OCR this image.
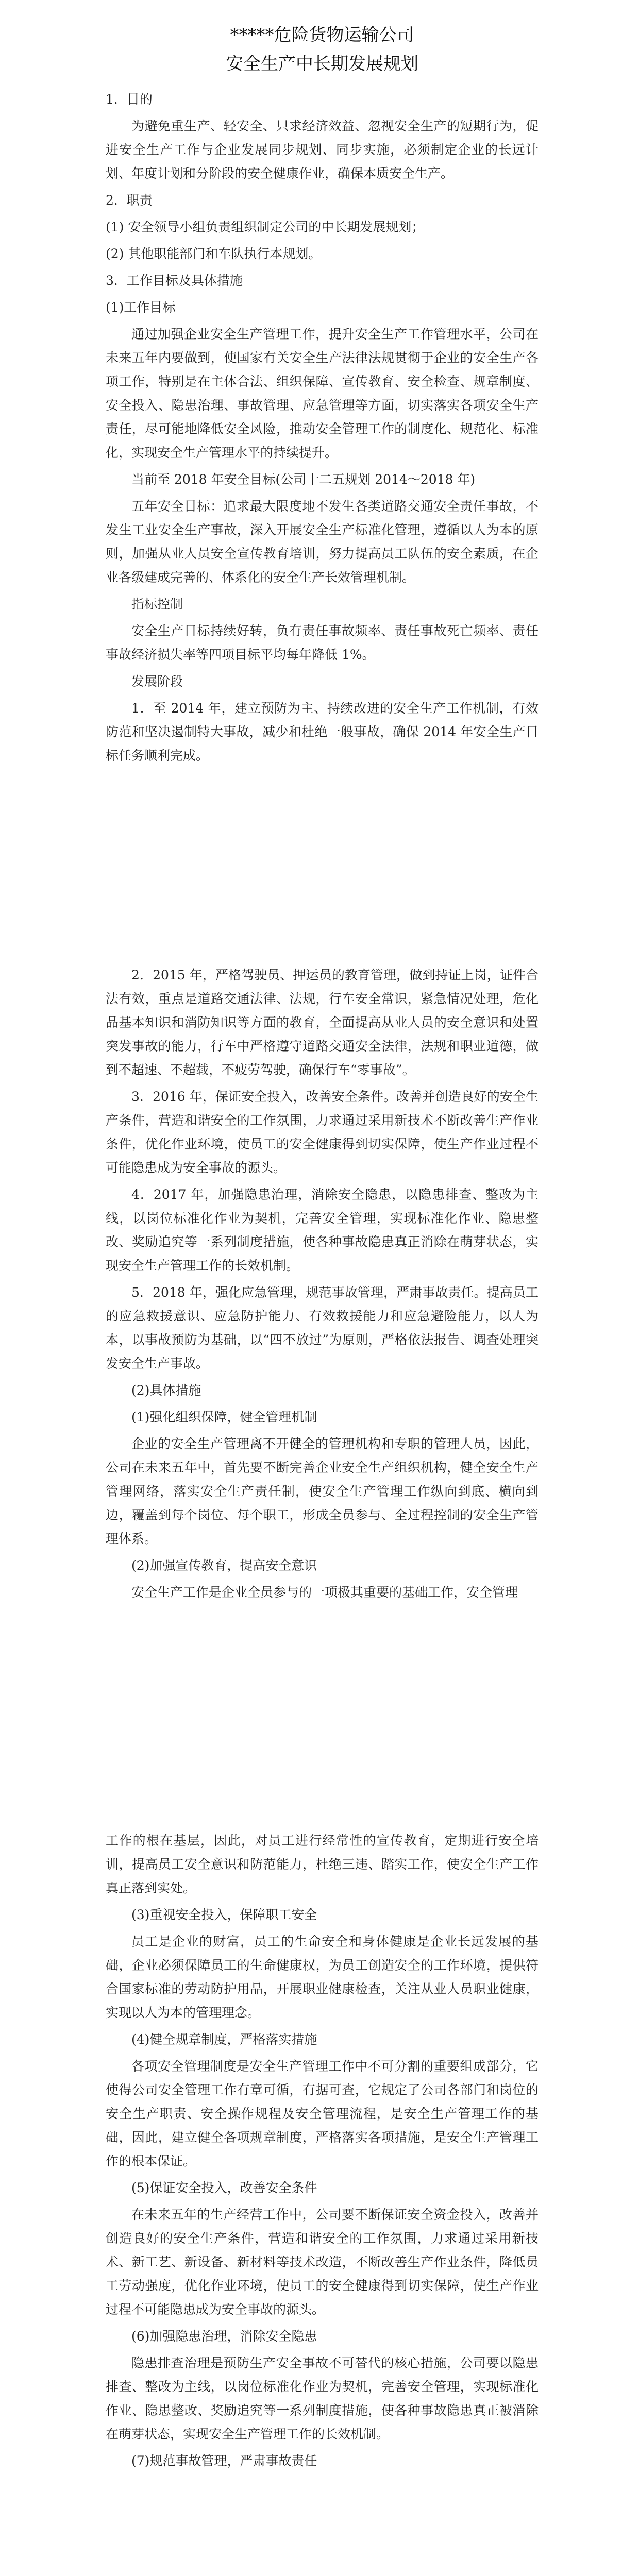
*****危险货物运输公司
安全生产中长期发展规划

1．目的

为避免重生产、轻安全、只求经济效益、忽视安全生产的短期行为，促进安全生产工作与企业发展同步规划、同步实施，必须制定企业的长远计划、年度计划和分阶段的安全健康作业，确保本质安全生产。

2．职责

(1) 安全领导小组负责组织制定公司的中长期发展规划；

(2) 其他职能部门和车队执行本规划。

3．工作目标及具体措施

(1)工作目标

通过加强企业安全生产管理工作，提升安全生产工作管理水平，公司在未来五年内要做到，使国家有关安全生产法律法规贯彻于企业的安全生产各项工作，特别是在主体合法、组织保障、宣传教育、安全检查、规章制度、安全投入、隐患治理、事故管理、应急管理等方面，切实落实各项安全生产责任，尽可能地降低安全风险，推动安全管理工作的制度化、规范化、标准化，实现安全生产管理水平的持续提升。

当前至 2018 年安全目标(公司十二五规划 2014～2018 年)

五年安全目标：追求最大限度地不发生各类道路交通安全责任事故，不发生工业安全生产事故，深入开展安全生产标准化管理，遵循以人为本的原则，加强从业人员安全宣传教育培训，努力提高员工队伍的安全素质，在企业各级建成完善的、体系化的安全生产长效管理机制。

指标控制

安全生产目标持续好转，负有责任事故频率、责任事故死亡频率、责任事故经济损失率等四项目标平均每年降低 1%。

发展阶段

1．至 2014 年，建立预防为主、持续改进的安全生产工作机制，有效防范和坚决遏制特大事故，减少和杜绝一般事故，确保 2014 年安全生产目标任务顺利完成。

2．2015 年，严格驾驶员、押运员的教育管理，做到持证上岗，证件合法有效，重点是道路交通法律、法规，行车安全常识，紧急情况处理，危化品基本知识和消防知识等方面的教育，全面提高从业人员的安全意识和处置突发事故的能力，行车中严格遵守道路交通安全法律，法规和职业道德，做到不超速、不超载，不疲劳驾驶，确保行车“零事故”。

3．2016 年，保证安全投入，改善安全条件。改善并创造良好的安全生产条件，营造和谐安全的工作氛围，力求通过采用新技术不断改善生产作业条件，优化作业环境，使员工的安全健康得到切实保障，使生产作业过程不可能隐患成为安全事故的源头。

4．2017 年，加强隐患治理，消除安全隐患，以隐患排查、整改为主线，以岗位标准化作业为契机，完善安全管理，实现标准化作业、隐患整改、奖励追究等一系列制度措施，使各种事故隐患真正消除在萌芽状态，实现安全生产管理工作的长效机制。

5．2018 年，强化应急管理，规范事故管理，严肃事故责任。提高员工的应急救援意识、应急防护能力、有效救援能力和应急避险能力，以人为本，以事故预防为基础，以“四不放过”为原则，严格依法报告、调查处理突发安全生产事故。

(2)具体措施

(1)强化组织保障，健全管理机制

企业的安全生产管理离不开健全的管理机构和专职的管理人员，因此，公司在未来五年中，首先要不断完善企业安全生产组织机构，健全安全生产管理网络，落实安全生产责任制，使安全生产管理工作纵向到底、横向到边，覆盖到每个岗位、每个职工，形成全员参与、全过程控制的安全生产管理体系。

(2)加强宣传教育，提高安全意识

安全生产工作是企业全员参与的一项极其重要的基础工作，安全管理

工作的根在基层，因此，对员工进行经常性的宣传教育，定期进行安全培训，提高员工安全意识和防范能力，杜绝三违、踏实工作，使安全生产工作真正落到实处。

(3)重视安全投入，保障职工安全

员工是企业的财富，员工的生命安全和身体健康是企业长远发展的基础，企业必须保障员工的生命健康权，为员工创造安全的工作环境，提供符合国家标准的劳动防护用品，开展职业健康检查，关注从业人员职业健康，实现以人为本的管理理念。

(4)健全规章制度，严格落实措施

各项安全管理制度是安全生产管理工作中不可分割的重要组成部分，它使得公司安全管理工作有章可循，有据可查，它规定了公司各部门和岗位的安全生产职责、安全操作规程及安全管理流程，是安全生产管理工作的基础，因此，建立健全各项规章制度，严格落实各项措施，是安全生产管理工作的根本保证。

(5)保证安全投入，改善安全条件

在未来五年的生产经营工作中，公司要不断保证安全资金投入，改善并创造良好的安全生产条件，营造和谐安全的工作氛围，力求通过采用新技术、新工艺、新设备、新材料等技术改造，不断改善生产作业条件，降低员工劳动强度，优化作业环境，使员工的安全健康得到切实保障，使生产作业过程不可能隐患成为安全事故的源头。

(6)加强隐患治理，消除安全隐患

隐患排查治理是预防生产安全事故不可替代的核心措施，公司要以隐患排查、整改为主线，以岗位标准化作业为契机，完善安全管理，实现标准化作业、隐患整改、奖励追究等一系列制度措施，使各种事故隐患真正被消除在萌芽状态，实现安全生产管理工作的长效机制。

(7)规范事故管理，严肃事故责任
